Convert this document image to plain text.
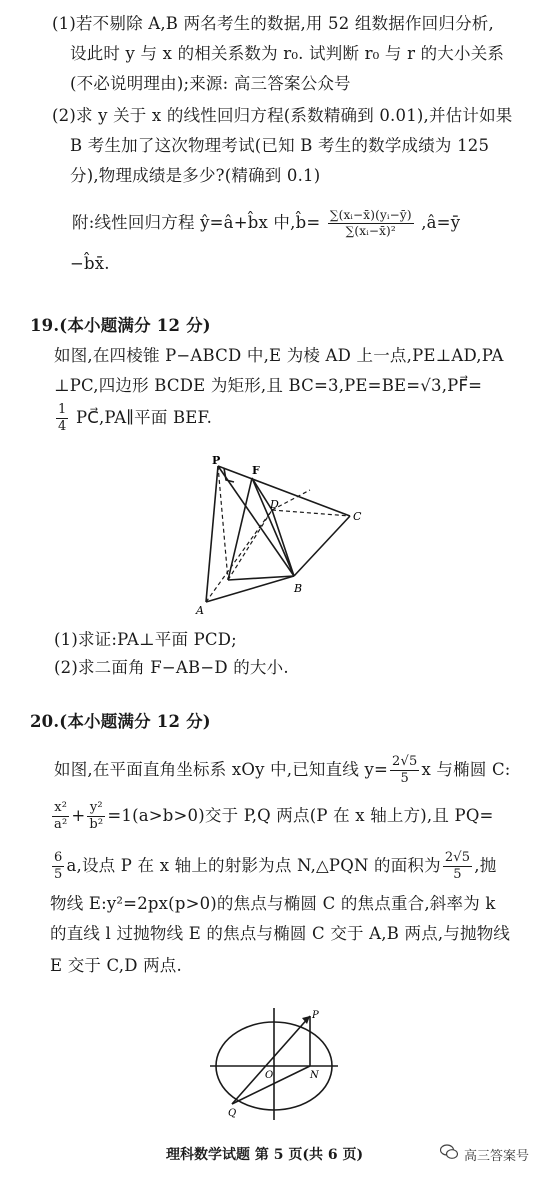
(1)若不剔除 A,B 两名考生的数据,用 52 组数据作回归分析,
设此时 y 与 x 的相关系数为 r₀. 试判断 r₀ 与 r 的大小关系
(不必说明理由);来源: 高三答案公众号
(2)求 y 关于 x 的线性回归方程(系数精确到 0.01),并估计如果
B 考生加了这次物理考试(已知 B 考生的数学成绩为 125
分),物理成绩是多少?(精确到 0.1)
附:线性回归方程 ŷ=â+b̂x 中,b̂= $\frac{\text{∑(xᵢ−x̄)(yᵢ−ȳ)}}{\text{∑(xᵢ−x̄)²}}$ ,â=ȳ
−b̂x̄.
19.(本小题满分 12 分)
如图,在四棱锥 P−ABCD 中,E 为棱 AD 上一点,PE⊥AD,PA
⊥PC,四边形 BCDE 为矩形,且 BC=3,PE=BE=√3,PF⃗=
$\frac{1}{4}$ PC⃗,PA∥平面 BEF.
P
F
D
C
A
B
(1)求证:PA⊥平面 PCD;
(2)求二面角 F−AB−D 的大小.
20.(本小题满分 12 分)
如图,在平面直角坐标系 xOy 中,已知直线 $y= \frac{2√5}{5}$ x 与椭圆 C:
$\frac{\text{x²}}{\text{a²}} + \frac{\text{y²}}{\text{b²}} =1(a>b>0)$交于 P,Q 两点(P 在 x 轴上方),且 PQ=
$\frac{6}{5} a$,设点 P 在 x 轴上的射影为点 N,△PQN 的面积为 $\frac{2√5}{5}$ ,抛
物线 E:y²=2px(p>0)的焦点与椭圆 C 的焦点重合,斜率为 k
的直线 l 过抛物线 E 的焦点与椭圆 C 交于 A,B 两点,与抛物线
E 交于 C,D 两点.
P
O	N
Q
理科数学试题 第 5 页(共 6 页)	高三答案号
